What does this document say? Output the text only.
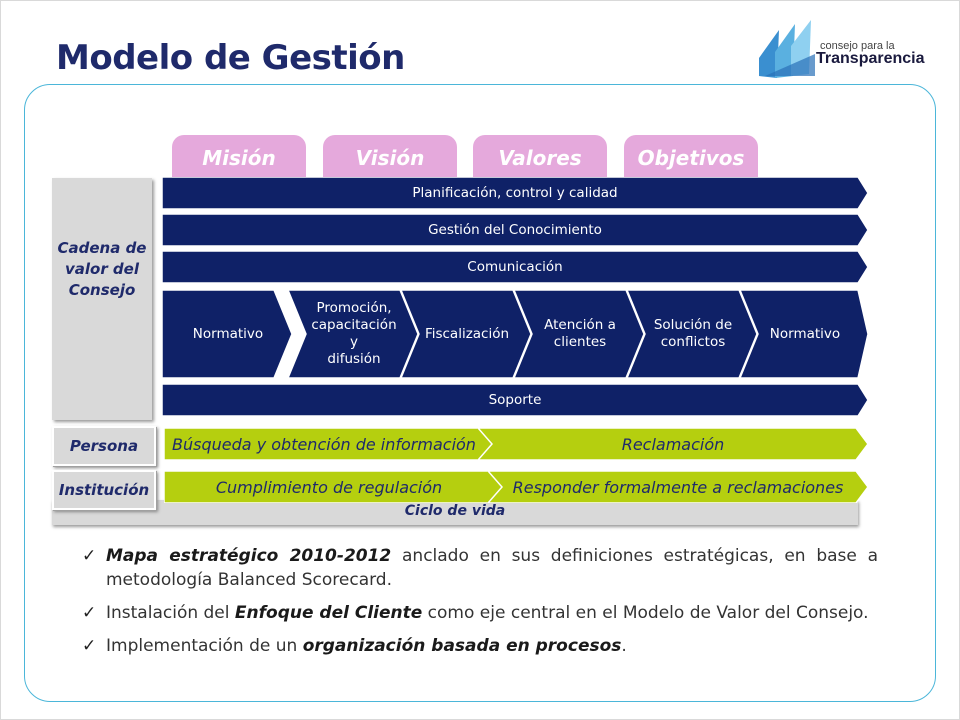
Modelo de Gestión	consejo para la
Transparencia
Misión	Visión	Valores	Objetivos
Cadena de
valor del
Consejo
Planificación, control y calidad
Gestión del Conocimiento
Comunicación
Normativo
Promoción,
capacitación y
difusión
Fiscalización
Atención a
clientes
Solución de
conflictos
Normativo
Soporte
Ciclo de vida
Persona
Institución
Búsqueda y obtención de información	Reclamación
Cumplimiento de regulación	Responder formalmente a reclamaciones
✓ Mapa estratégico 2010-2012 anclado en sus definiciones estratégicas, en base a metodología Balanced Scorecard.
✓ Instalación del Enfoque del Cliente como eje central en el Modelo de Valor del Consejo.
✓ Implementación de un organización basada en procesos.
